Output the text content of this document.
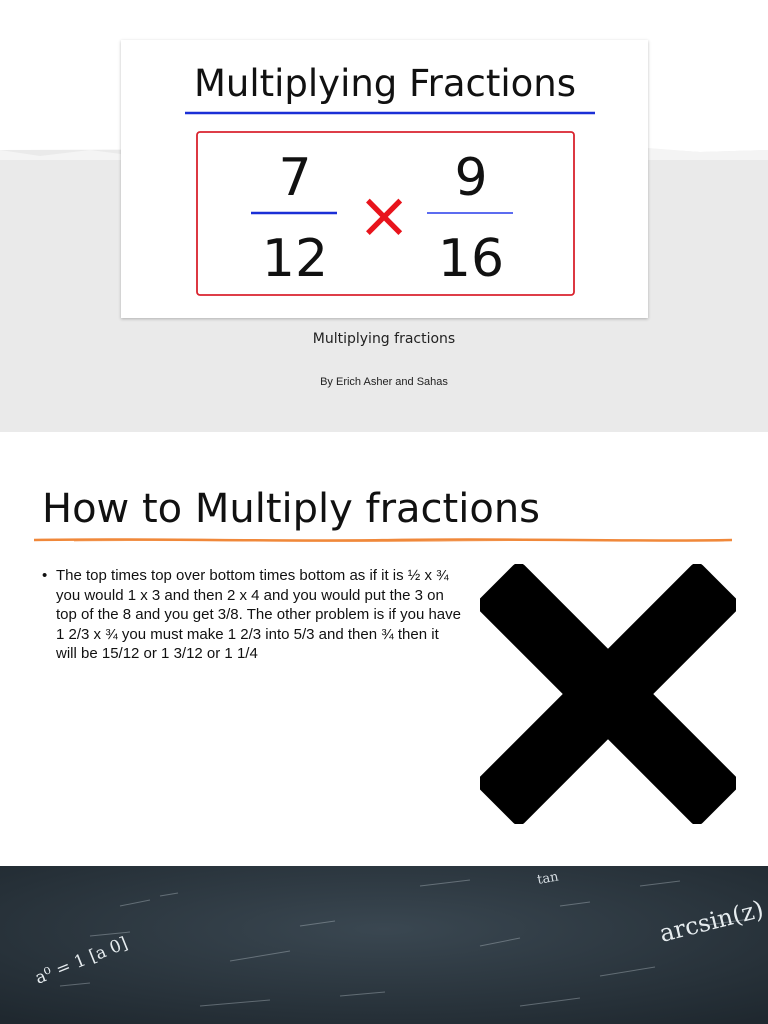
Multiplying Fractions
7
12
×
9
16
Multiplying fractions
By Erich Asher and Sahas
How to Multiply fractions
• The top times top over bottom times bottom as if it is ½ x ¾ you would 1 x 3 and then 2 x 4 and you would put the 3 on top of the 8 and you get 3/8. The other problem is if you have 1 2/3 x ¾ you must make 1 2/3 into 5/3 and then ¾ then it will be 15/12 or 1 3/12 or 1 1/4
arcsin(z)
tan
a⁰ = 1 [a 0]
